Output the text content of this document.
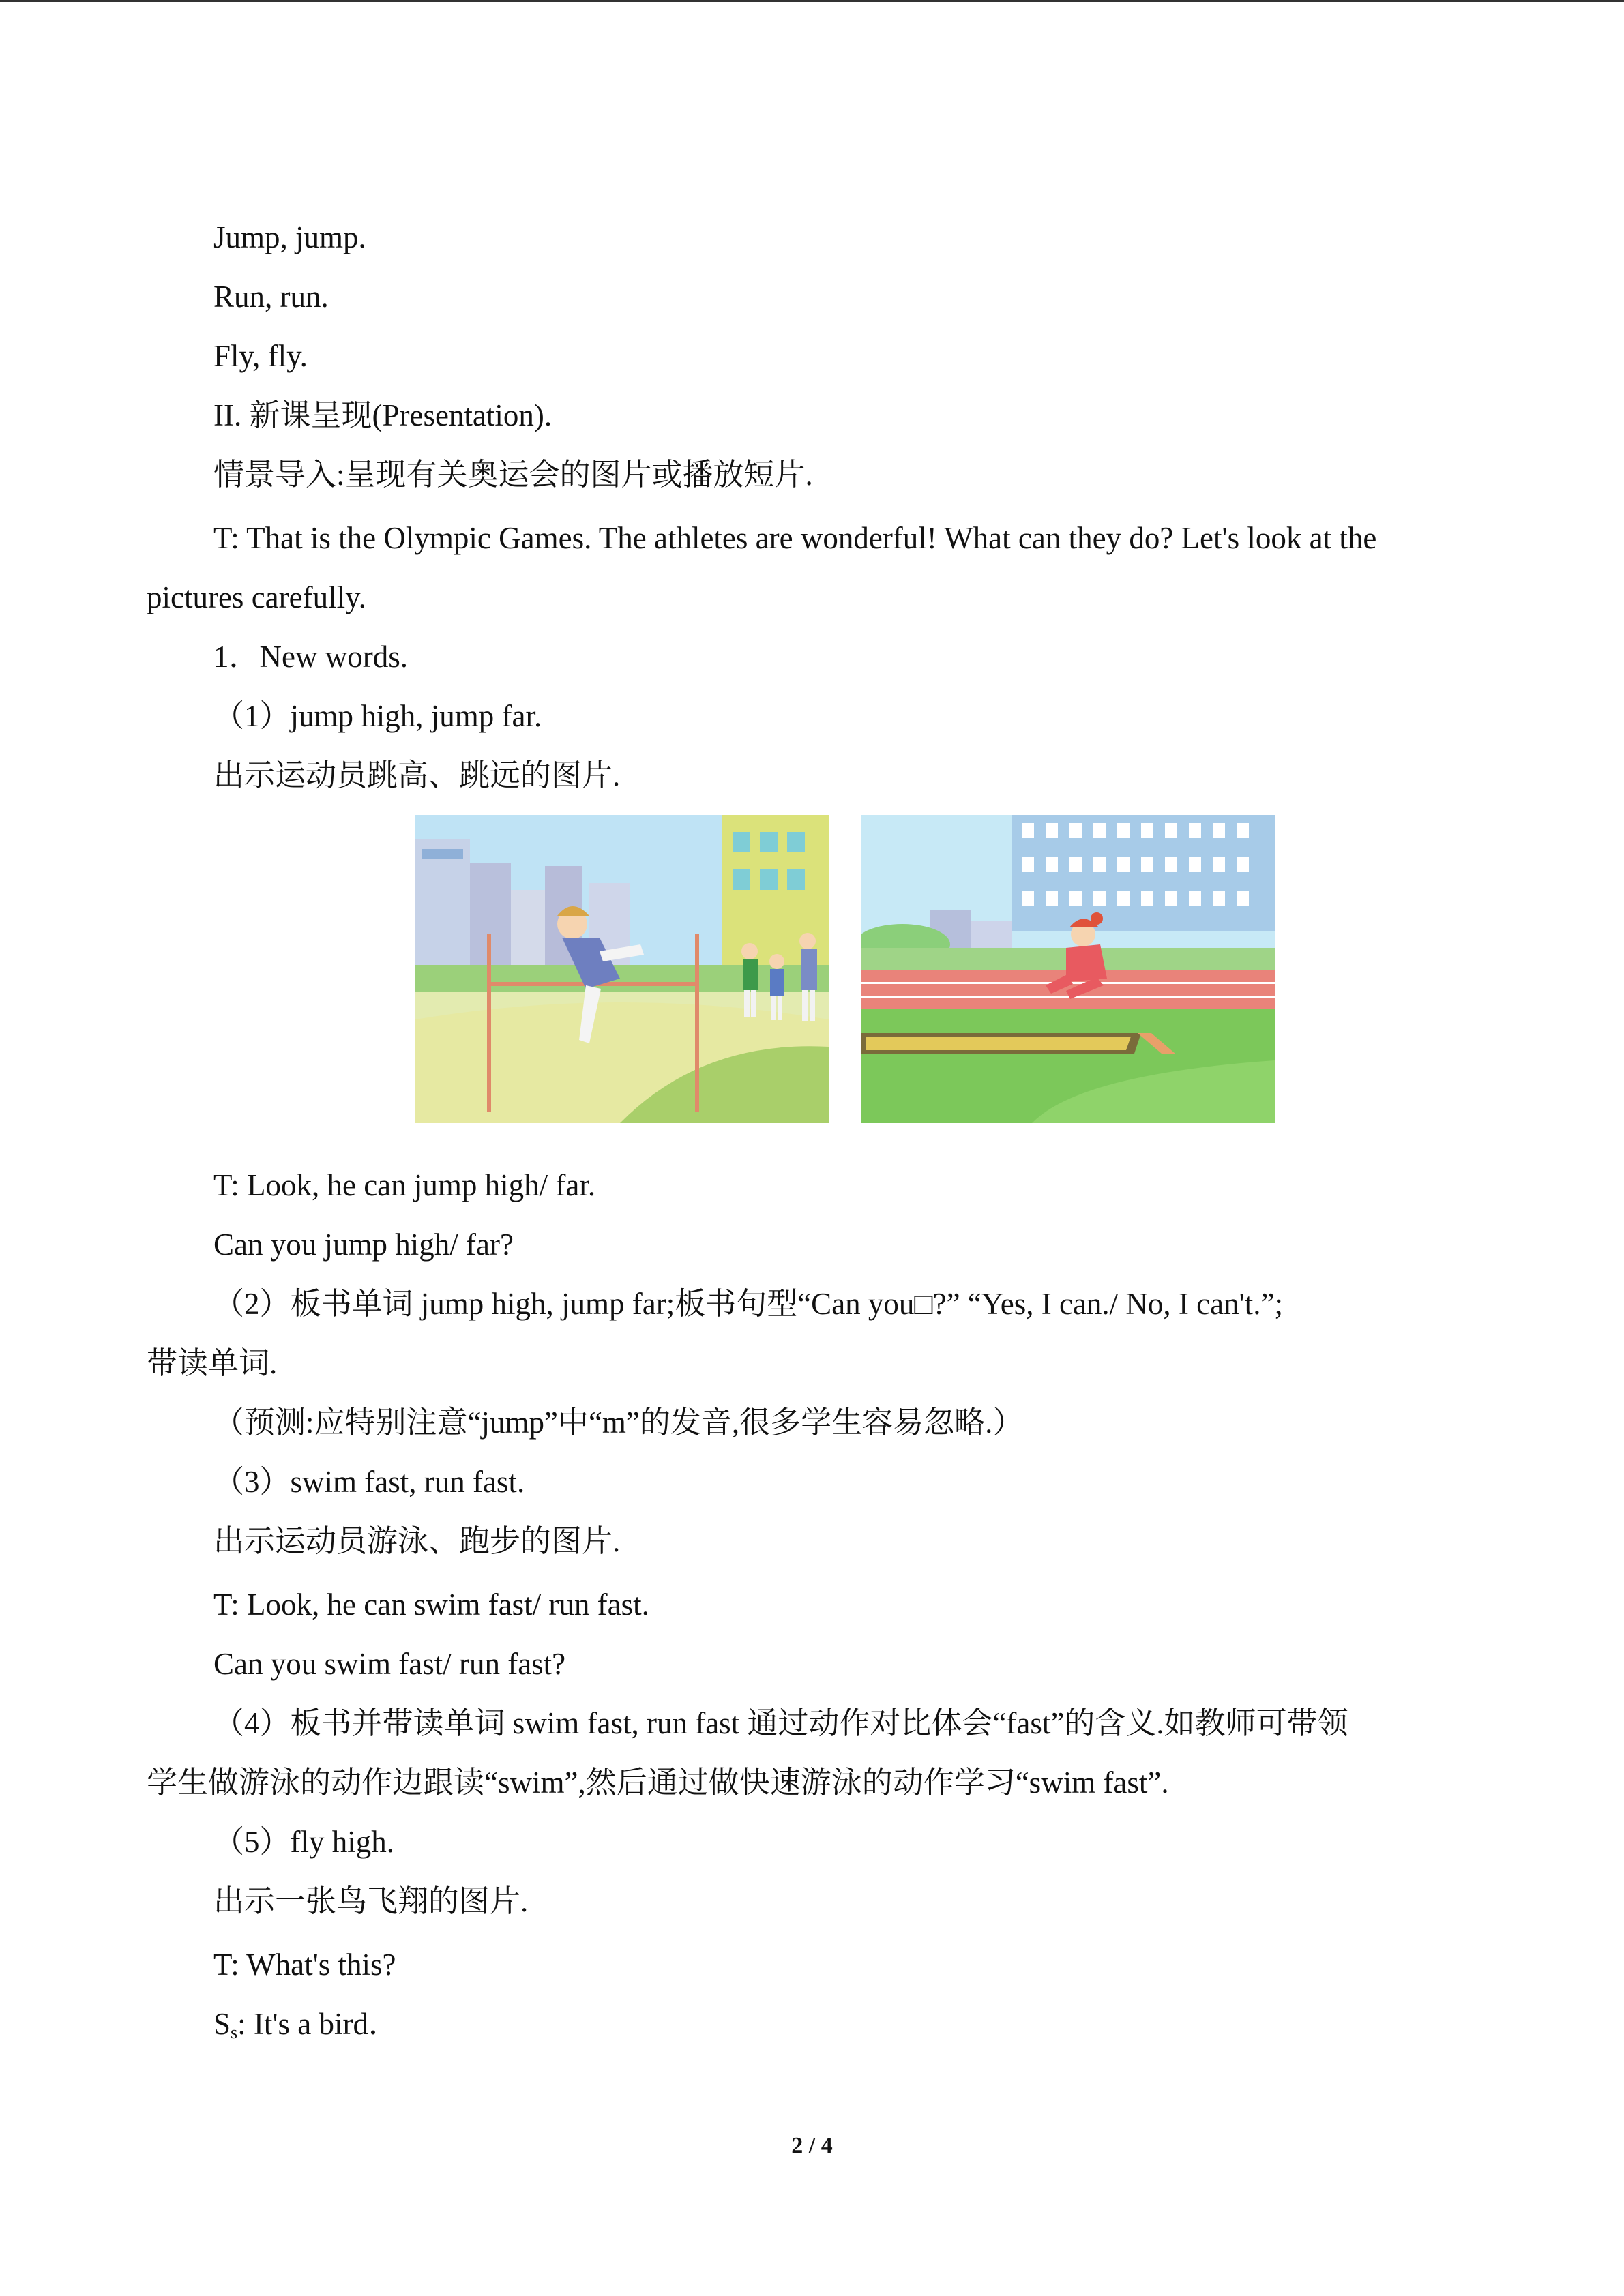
Jump, jump.
Run, run.
Fly, fly.
II. 新课呈现(Presentation).
情景导入:呈现有关奥运会的图片或播放短片.
T: That is the Olympic Games. The athletes are wonderful! What can they do? Let's look at the
pictures carefully.
1．New words.
（1）jump high, jump far.
出示运动员跳高、跳远的图片.
T: Look, he can jump high/ far.
Can you jump high/ far?
（2）板书单词 jump high, jump far;板书句型“Can you□?” “Yes, I can./ No, I can't.”;
带读单词.
（预测:应特别注意“jump”中“m”的发音,很多学生容易忽略.）
（3）swim fast, run fast.
出示运动员游泳、跑步的图片.
T: Look, he can swim fast/ run fast.
Can you swim fast/ run fast?
（4）板书并带读单词 swim fast, run fast 通过动作对比体会“fast”的含义.如教师可带领
学生做游泳的动作边跟读“swim”,然后通过做快速游泳的动作学习“swim fast”.
（5）fly high.
出示一张鸟飞翔的图片.
T: What's this?
$S_s$: It's a bird．
2 / 4
